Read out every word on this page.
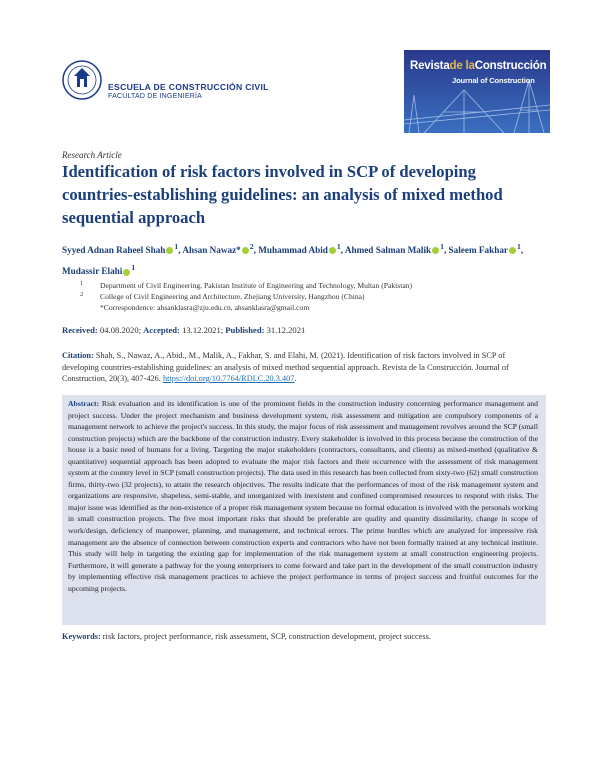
ESCUELA DE CONSTRUCCIÓN CIVIL
FACULTAD DE INGENIERÍA
Revistade laConstrucción
Journal of Construction
Research Article
Identification of risk factors involved in SCP of developing countries-establishing guidelines: an analysis of mixed method sequential approach
Syyed Adnan Raheel Shah $^1$, Ahsan Nawaz* $^2$, Muhammad Abid $^1$, Ahmed Salman Malik $^1$, Saleem Fakhar $^1$, Mudassir Elahi $^1$
1 Department of Civil Engineering, Pakistan Institute of Engineering and Technology, Multan (Pakistan)
2 College of Civil Engineering and Architecture, Zhejiang University, Hangzhou (China)
*Correspondence: ahsanklasra@zju.edu.cn, ahsanklasra@gmail.com
Received: 04.08.2020; Accepted: 13.12.2021; Published: 31.12.2021
Citation: Shah, S., Nawaz, A., Abid., M., Malik, A., Fakhar, S. and Elahi, M. (2021). Identification of risk factors involved in SCP of developing countries-establishing guidelines: an analysis of mixed method sequential approach. Revista de la Construcción. Journal of Construction, 20(3), 407-426. https://doi.org/10.7764/RDLC.20.3.407.
Abstract: Risk evaluation and its identification is one of the prominent fields in the construction industry concerning performance management and project success. Under the project mechanism and business development system, risk assessment and mitigation are compulsory components of a management network to achieve the project's success. In this study, the major focus of risk assessment and management revolves around the SCP (small construction projects) which are the backbone of the construction industry. Every stakeholder is involved in this process because the construction of the house is a basic need of humans for a living. Targeting the major stakeholders (contractors, consultants, and clients) as mixed-method (qualitative & quantitative) sequential approach has been adopted to evaluate the major risk factors and their occurrence with the assessment of risk management system at the country level in SCP (small construction projects). The data used in this research has been collected from sixty-two (62) small construction firms, thirty-two (32 projects), to attain the research objectives. The results indicate that the performances of most of the risk management system and organizations are responsive, shapeless, semi-stable, and unorganized with inexistent and confined compromised resources to respond with risks. The major issue was identified as the non-existence of a proper risk management system because no formal education is involved with the personals working in small construction projects. The five most important risks that should be preferable are quality and quantity dissimilarity, change in scope of work/design, deficiency of manpower, planning, and management, and technical errors. The prime hurdles which are analyzed for impressive risk management are the absence of connection between construction experts and contractors who have not been formally trained at any technical institute. This study will help in targeting the existing gap for implementation of the risk management system at small construction engineering projects. Furthermore, it will generate a pathway for the young enterprisers to come forward and take part in the development of the small construction industry by implementing effective risk management practices to achieve the project performance in terms of project success and fruitful outcomes for the upcoming projects.
Keywords: risk factors, project performance, risk assessment, SCP, construction development, project success.
